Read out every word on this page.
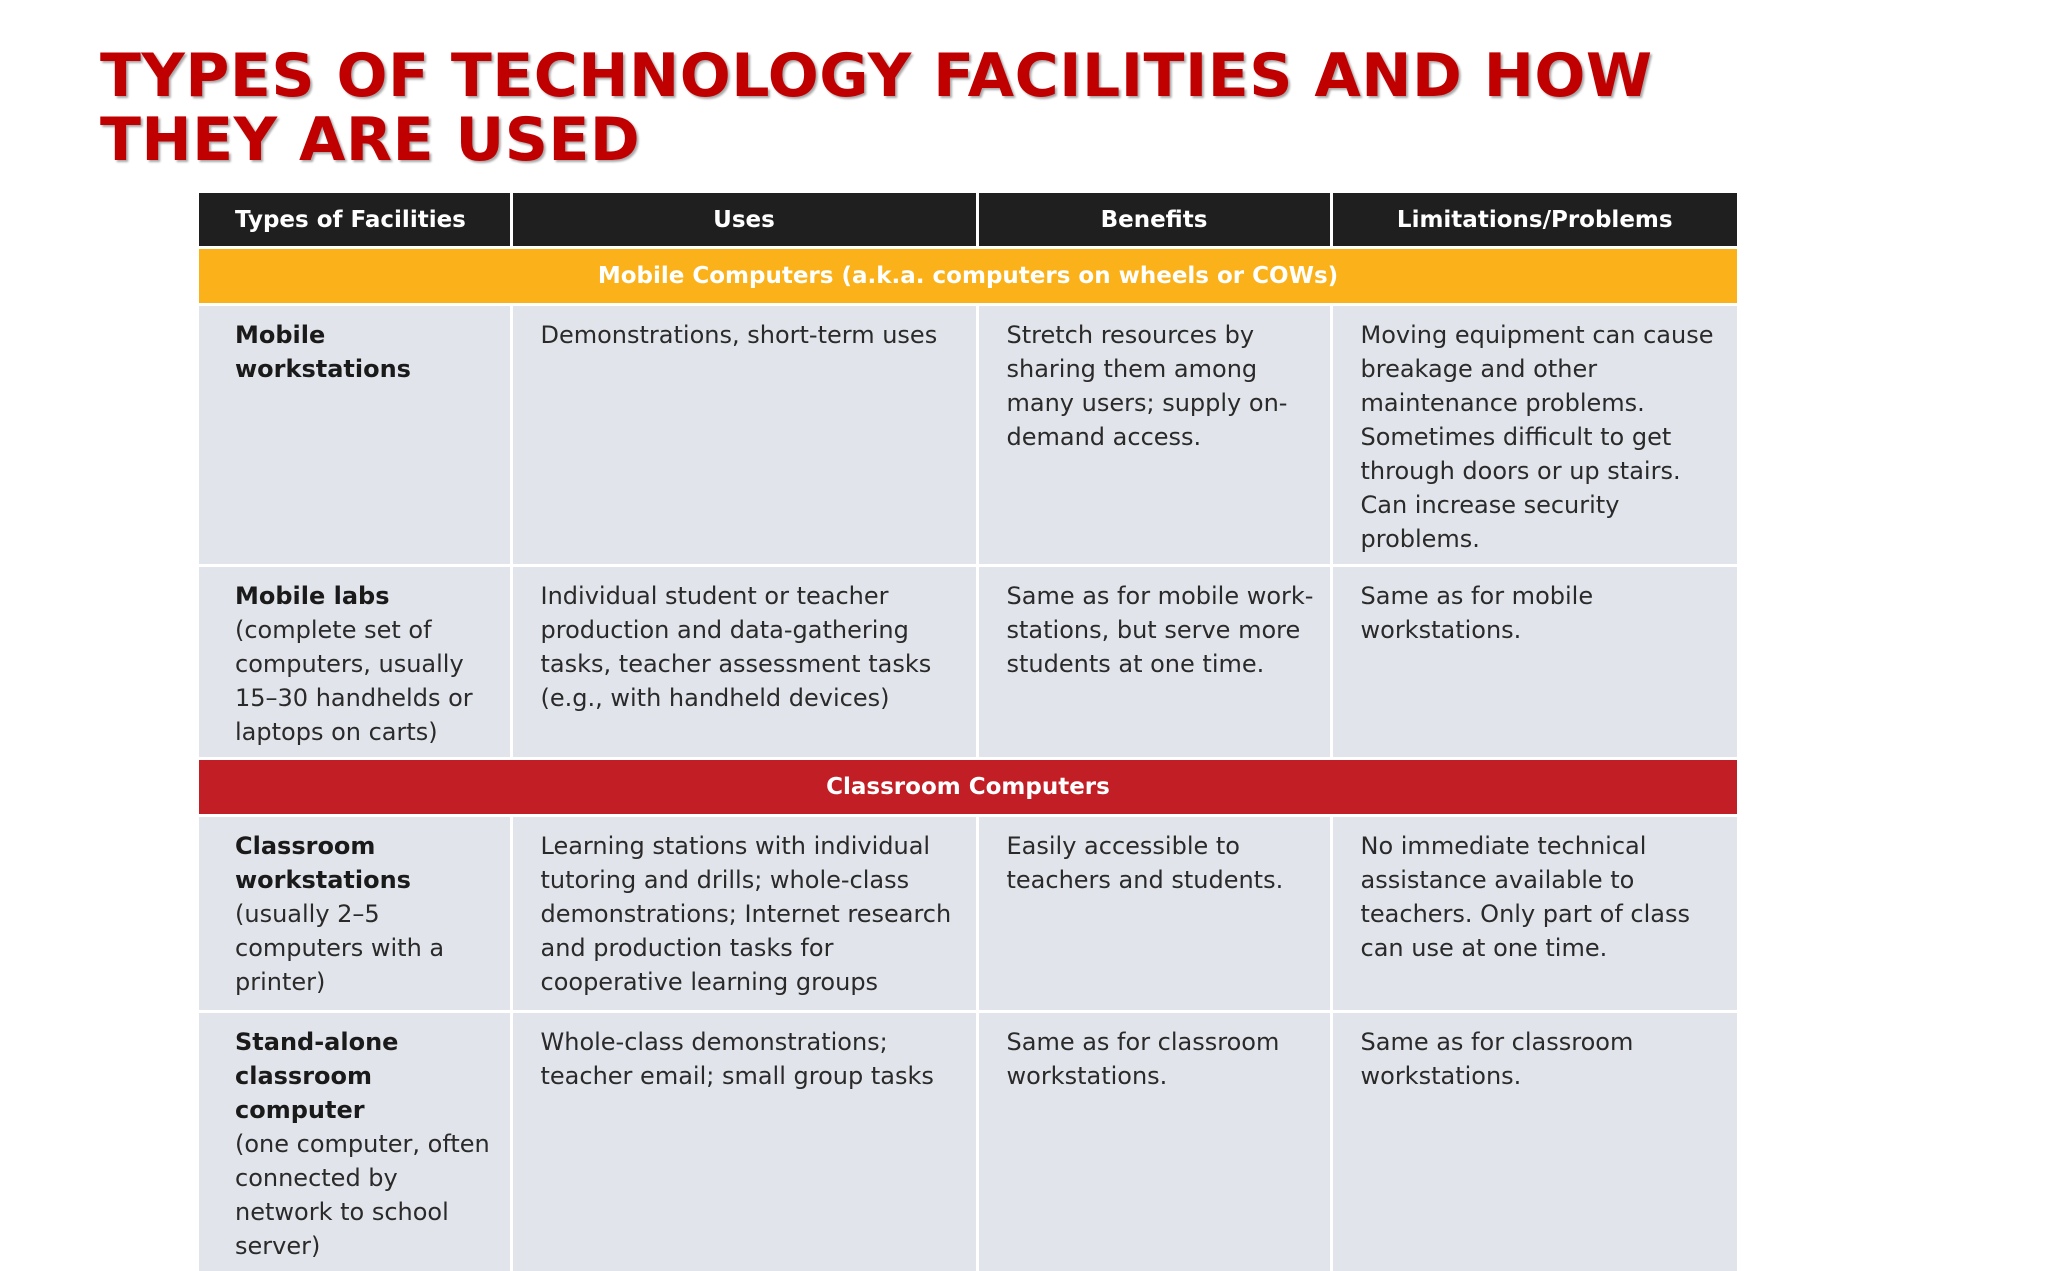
TYPES OF TECHNOLOGY FACILITIES AND HOW
THEY ARE USED
Types of Facilities	Uses	Benefits	Limitations/Problems
Mobile Computers (a.k.a. computers on wheels or COWs)			

Mobile workstations	Demonstrations, short-term uses	Stretch resources by sharing them among many users; supply on-demand access.	Moving equipment can cause breakage and other maintenance problems. Sometimes difficult to get through doors or up stairs. Can increase security problems.

Mobile labs
(complete set of computers, usually 15–30 handhelds or laptops on carts)	Individual student or teacher production and data-gathering tasks, teacher assessment tasks (e.g., with handheld devices)	Same as for mobile work-stations, but serve more students at one time.	Same as for mobile workstations.
Classroom Computers			

Classroom workstations
(usually 2–5 computers with a printer)	Learning stations with individual tutoring and drills; whole-class demonstrations; Internet research and production tasks for cooperative learning groups	Easily accessible to teachers and students.	No immediate technical assistance available to teachers. Only part of class can use at one time.

Stand-alone classroom computer
(one computer, often connected by network to school server)	Whole-class demonstrations; teacher email; small group tasks	Same as for classroom workstations.	Same as for classroom workstations.
